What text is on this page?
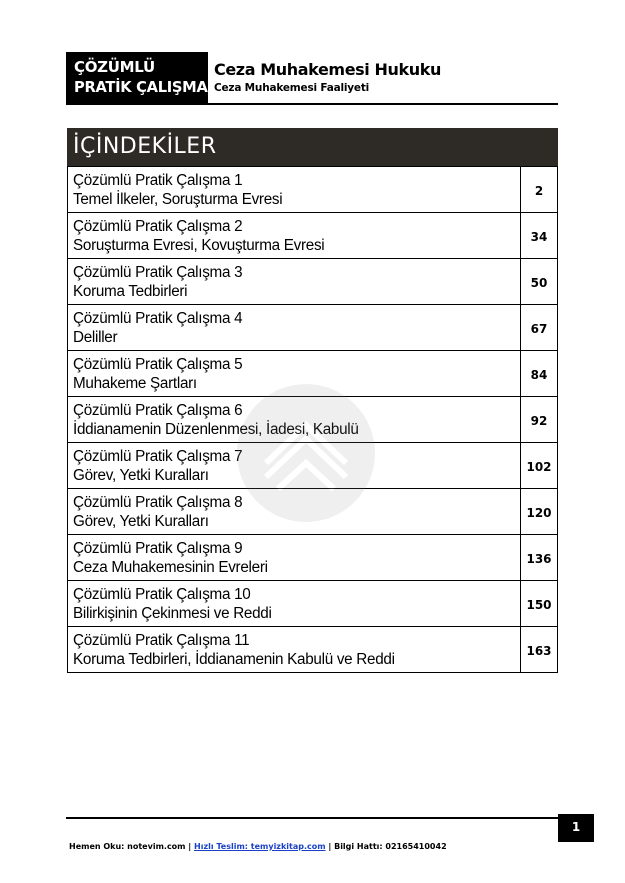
ÇÖZÜMLÜ
PRATİK ÇALIŞMA
Ceza Muhakemesi Hukuku
Ceza Muhakemesi Faaliyeti
İÇİNDEKİLER
Çözümlü Pratik Çalışma 1
Temel İlkeler, Soruşturma Evresi	2

Çözümlü Pratik Çalışma 2
Soruşturma Evresi, Kovuşturma Evresi	34

Çözümlü Pratik Çalışma 3
Koruma Tedbirleri	50

Çözümlü Pratik Çalışma 4
Deliller	67

Çözümlü Pratik Çalışma 5
Muhakeme Şartları	84

Çözümlü Pratik Çalışma 6
İddianamenin Düzenlenmesi, İadesi, Kabulü	92

Çözümlü Pratik Çalışma 7
Görev, Yetki Kuralları	102

Çözümlü Pratik Çalışma 8
Görev, Yetki Kuralları	120

Çözümlü Pratik Çalışma 9
Ceza Muhakemesinin Evreleri	136

Çözümlü Pratik Çalışma 10
Bilirkişinin Çekinmesi ve Reddi	150

Çözümlü Pratik Çalışma 11
Koruma Tedbirleri, İddianamenin Kabulü ve Reddi	163
1
Hemen Oku: notevim.com | Hızlı Teslim: temyizkitap.com | Bilgi Hattı: 02165410042
